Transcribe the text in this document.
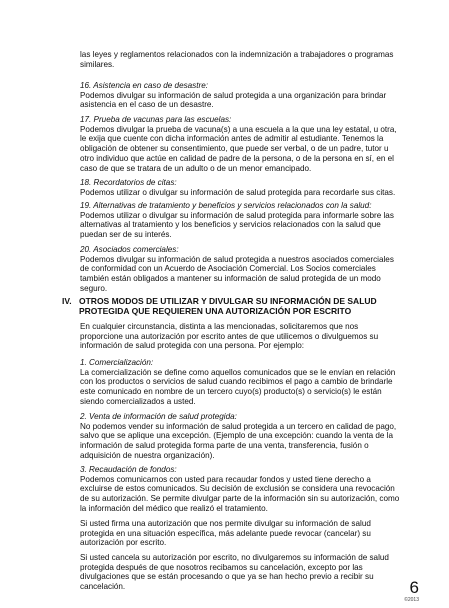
las leyes y reglamentos relacionados con la indemnización a trabajadores o programas similares.

16. Asistencia en caso de desastre:

Podemos divulgar su información de salud protegida a una organización para brindar asistencia en el caso de un desastre.

17. Prueba de vacunas para las escuelas:

Podemos divulgar la prueba de vacuna(s) a una escuela a la que una ley estatal, u otra, le exija que cuente con dicha información antes de admitir al estudiante. Tenemos la obligación de obtener su consentimiento, que puede ser verbal, o de un padre, tutor u otro individuo que actúe en calidad de padre de la persona, o de la persona en sí, en el caso de que se tratara de un adulto o de un menor emancipado.

18. Recordatorios de citas:

Podemos utilizar o divulgar su información de salud protegida para recordarle sus citas.

19. Alternativas de tratamiento y beneficios y servicios relacionados con la salud:

Podemos utilizar o divulgar su información de salud protegida para informarle sobre las alternativas al tratamiento y los beneficios y servicios relacionados con la salud que puedan ser de su interés.

20. Asociados comerciales:

Podemos divulgar su información de salud protegida a nuestros asociados comerciales de conformidad con un Acuerdo de Asociación Comercial. Los Socios comerciales también están obligados a mantener su información de salud protegida de un modo seguro.

IV. OTROS MODOS DE UTILIZAR Y DIVULGAR SU INFORMACIÓN DE SALUD
PROTEGIDA QUE REQUIEREN UNA AUTORIZACIÓN POR ESCRITO

En cualquier circunstancia, distinta a las mencionadas, solicitaremos que nos proporcione una autorización por escrito antes de que utilicemos o divulguemos su información de salud protegida con una persona. Por ejemplo:

1. Comercialización:

La comercialización se define como aquellos comunicados que se le envían en relación con los productos o servicios de salud cuando recibimos el pago a cambio de brindarle este comunicado en nombre de un tercero cuyo(s) producto(s) o servicio(s) le están siendo comercializados a usted.

2. Venta de información de salud protegida:

No podemos vender su información de salud protegida a un tercero en calidad de pago, salvo que se aplique una excepción. (Ejemplo de una excepción: cuando la venta de la información de salud protegida forma parte de una venta, transferencia, fusión o adquisición de nuestra organización).

3. Recaudación de fondos:

Podemos comunicarnos con usted para recaudar fondos y usted tiene derecho a excluirse de estos comunicados. Su decisión de exclusión se considera una revocación de su autorización. Se permite divulgar parte de la información sin su autorización, como la información del médico que realizó el tratamiento.

Si usted firma una autorización que nos permite divulgar su información de salud protegida en una situación específica, más adelante puede revocar (cancelar) su autorización por escrito.

Si usted cancela su autorización por escrito, no divulgaremos su información de salud protegida después de que nosotros recibamos su cancelación, excepto por las divulgaciones que se están procesando o que ya se han hecho previo a recibir su cancelación.	6
©2013
